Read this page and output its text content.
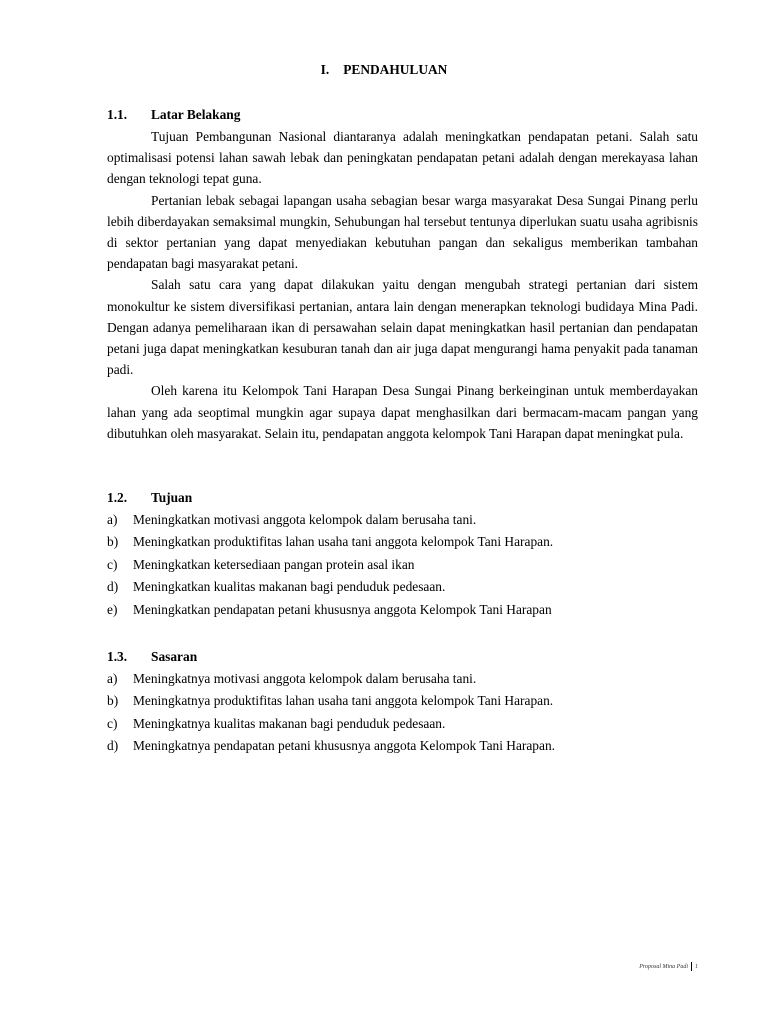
I. PENDAHULUAN
1.1. Latar Belakang

Tujuan Pembangunan Nasional diantaranya adalah meningkatkan pendapatan petani. Salah satu optimalisasi potensi lahan sawah lebak dan peningkatan pendapatan petani adalah dengan merekayasa lahan dengan teknologi tepat guna.

Pertanian lebak sebagai lapangan usaha sebagian besar warga masyarakat Desa Sungai Pinang perlu lebih diberdayakan semaksimal mungkin, Sehubungan hal tersebut tentunya diperlukan suatu usaha agribisnis di sektor pertanian yang dapat menyediakan kebutuhan pangan dan sekaligus memberikan tambahan pendapatan bagi masyarakat petani.

Salah satu cara yang dapat dilakukan yaitu dengan mengubah strategi pertanian dari sistem monokultur ke sistem diversifikasi pertanian, antara lain dengan menerapkan teknologi budidaya Mina Padi. Dengan adanya pemeliharaan ikan di persawahan selain dapat meningkatkan hasil pertanian dan pendapatan petani juga dapat meningkatkan kesuburan tanah dan air juga dapat mengurangi hama penyakit pada tanaman padi.

Oleh karena itu Kelompok Tani Harapan Desa Sungai Pinang berkeinginan untuk memberdayakan lahan yang ada seoptimal mungkin agar supaya dapat menghasilkan dari bermacam-macam pangan yang dibutuhkan oleh masyarakat. Selain itu, pendapatan anggota kelompok Tani Harapan dapat meningkat pula.

1.2. Tujuan
a) Meningkatkan motivasi anggota kelompok dalam berusaha tani.
b) Meningkatkan produktifitas lahan usaha tani anggota kelompok Tani Harapan.
c) Meningkatkan ketersediaan pangan protein asal ikan
d) Meningkatkan kualitas makanan bagi penduduk pedesaan.
e) Meningkatkan pendapatan petani khususnya anggota Kelompok Tani Harapan
1.3. Sasaran
a) Meningkatnya motivasi anggota kelompok dalam berusaha tani.
b) Meningkatnya produktifitas lahan usaha tani anggota kelompok Tani Harapan.
c) Meningkatnya kualitas makanan bagi penduduk pedesaan.
d) Meningkatnya pendapatan petani khususnya anggota Kelompok Tani Harapan.
Proposal Mina Padi 1
